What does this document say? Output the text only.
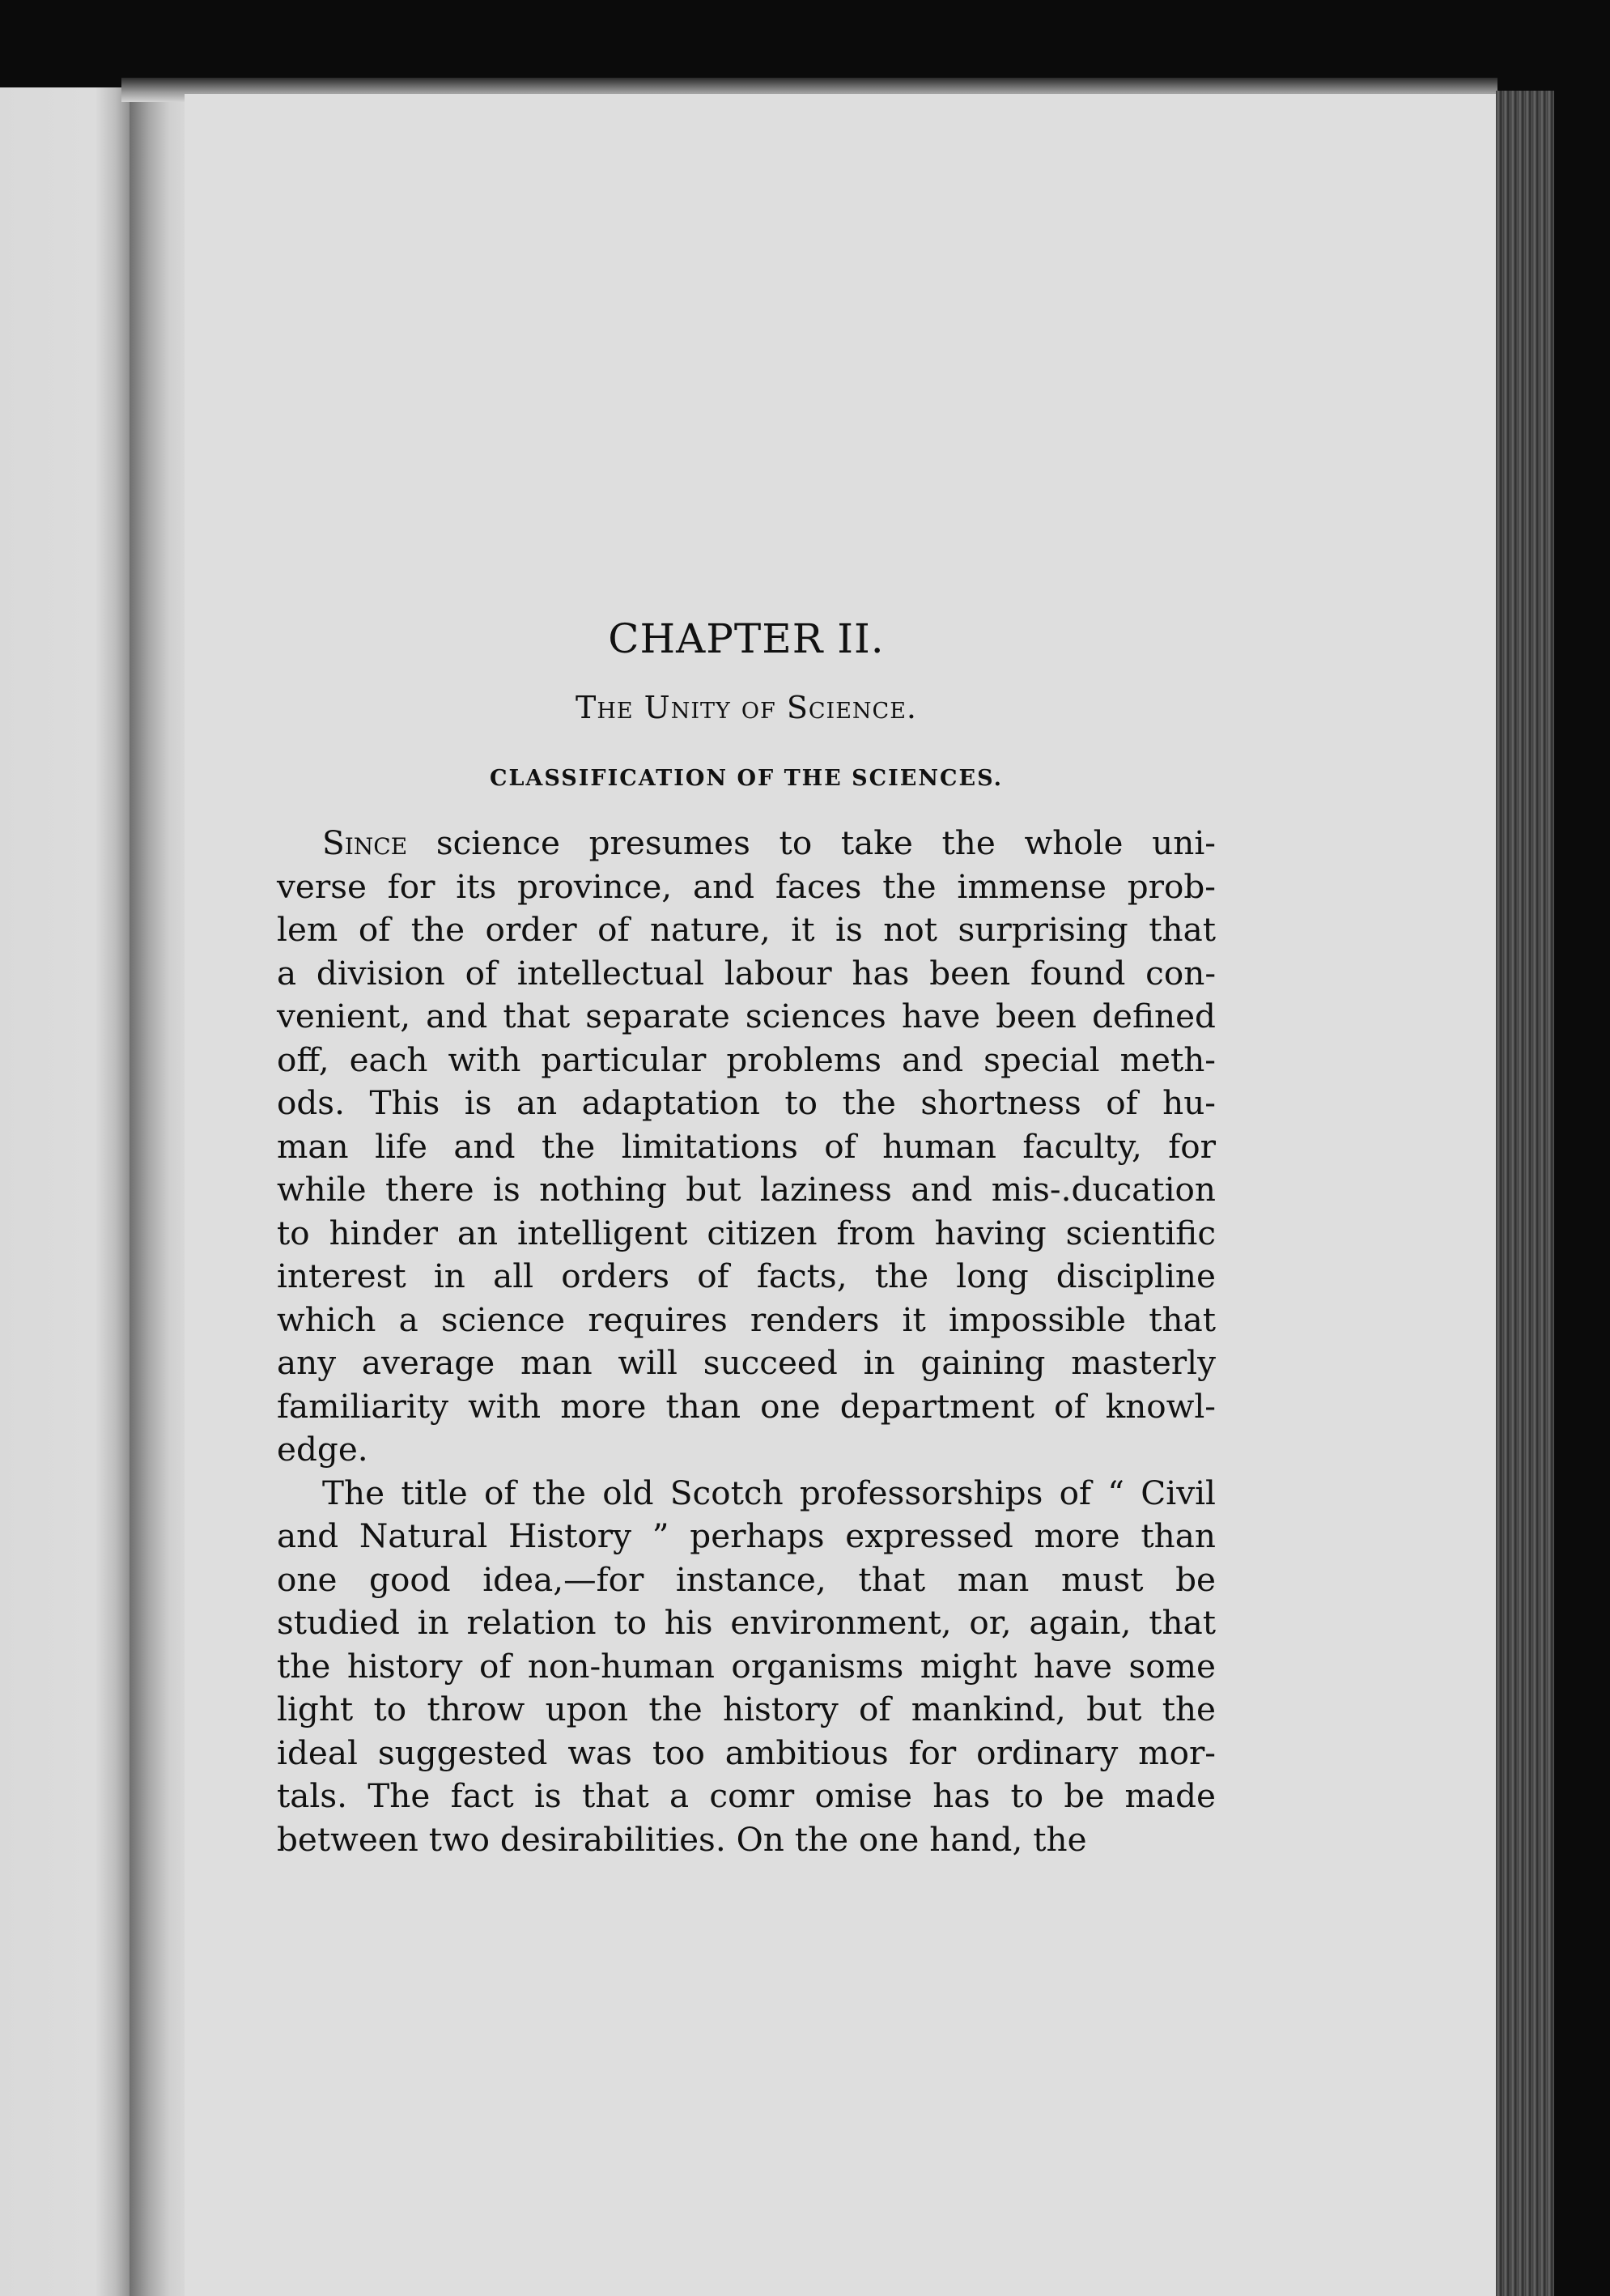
CHAPTER II.
The Unity of Science.
CLASSIFICATION OF THE SCIENCES.
Since science presumes to take the whole uni-
verse for its province, and faces the immense prob-
lem of the order of nature, it is not surprising that
a division of intellectual labour has been found con-
venient, and that separate sciences have been defined
off, each with particular problems and special meth-
ods. This is an adaptation to the shortness of hu-
man life and the limitations of human faculty, for
while there is nothing but laziness and mis-.ducation
to hinder an intelligent citizen from having scientific
interest in all orders of facts, the long discipline
which a science requires renders it impossible that
any average man will succeed in gaining masterly
familiarity with more than one department of knowl-
edge.
The title of the old Scotch professorships of “ Civil
and Natural History ” perhaps expressed more than
one good idea,—for instance, that man must be
studied in relation to his environment, or, again, that
the history of non-human organisms might have some
light to throw upon the history of mankind, but the
ideal suggested was too ambitious for ordinary mor-
tals. The fact is that a comr omise has to be made
between two desirabilities. On the one hand, the
